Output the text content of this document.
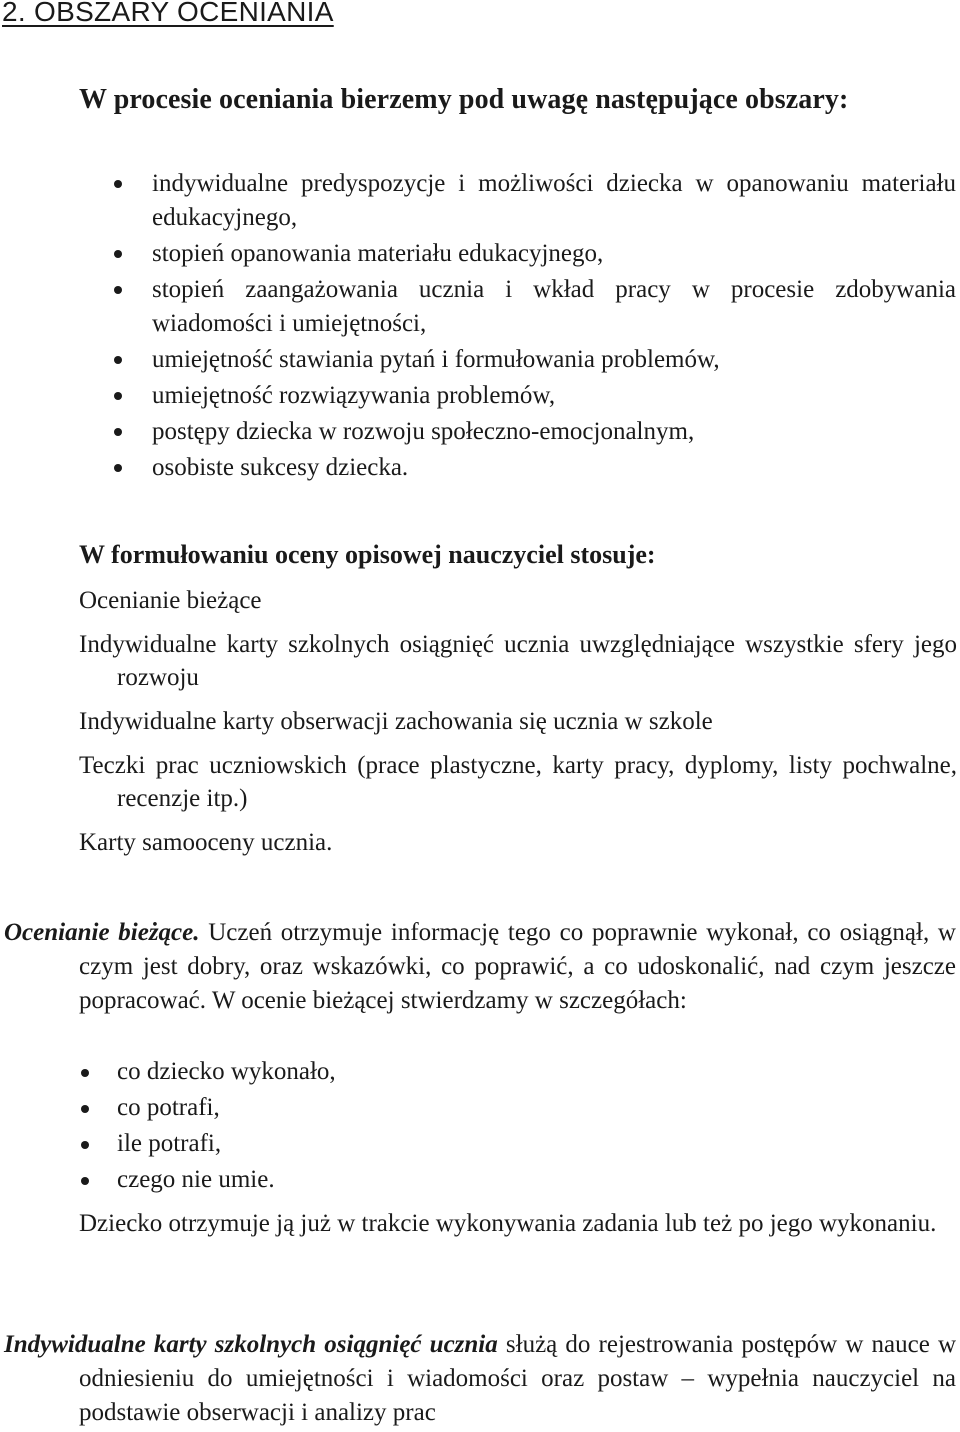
2. OBSZARY OCENIANIA
W procesie oceniania bierzemy pod uwagę następujące obszary:
indywidualne predyspozycje i możliwości dziecka w opanowaniu materiału edukacyjnego,
stopień opanowania materiału edukacyjnego,
stopień zaangażowania ucznia i wkład pracy w procesie zdobywania wiadomości i umiejętności,
umiejętność stawiania pytań i formułowania problemów,
umiejętność rozwiązywania problemów,
postępy dziecka w rozwoju społeczno-emocjonalnym,
osobiste sukcesy dziecka.
W formułowaniu oceny opisowej nauczyciel stosuje:
Ocenianie bieżące
Indywidualne karty szkolnych osiągnięć ucznia uwzględniające wszystkie sfery jego rozwoju
Indywidualne karty obserwacji zachowania się ucznia w szkole
Teczki prac uczniowskich (prace plastyczne, karty pracy, dyplomy, listy pochwalne, recenzje itp.)
Karty samooceny ucznia.
Ocenianie bieżące. Uczeń otrzymuje informację tego co poprawnie wykonał, co osiągnął, w czym jest dobry, oraz wskazówki, co poprawić, a co udoskonalić, nad czym jeszcze popracować. W ocenie bieżącej stwierdzamy w szczegółach:
co dziecko wykonało,
co potrafi,
ile potrafi,
czego nie umie.
Dziecko otrzymuje ją już w trakcie wykonywania zadania lub też po jego wykonaniu.
Indywidualne karty szkolnych osiągnięć ucznia służą do rejestrowania postępów w nauce w odniesieniu do umiejętności i wiadomości oraz postaw – wypełnia nauczyciel na podstawie obserwacji i analizy prac
